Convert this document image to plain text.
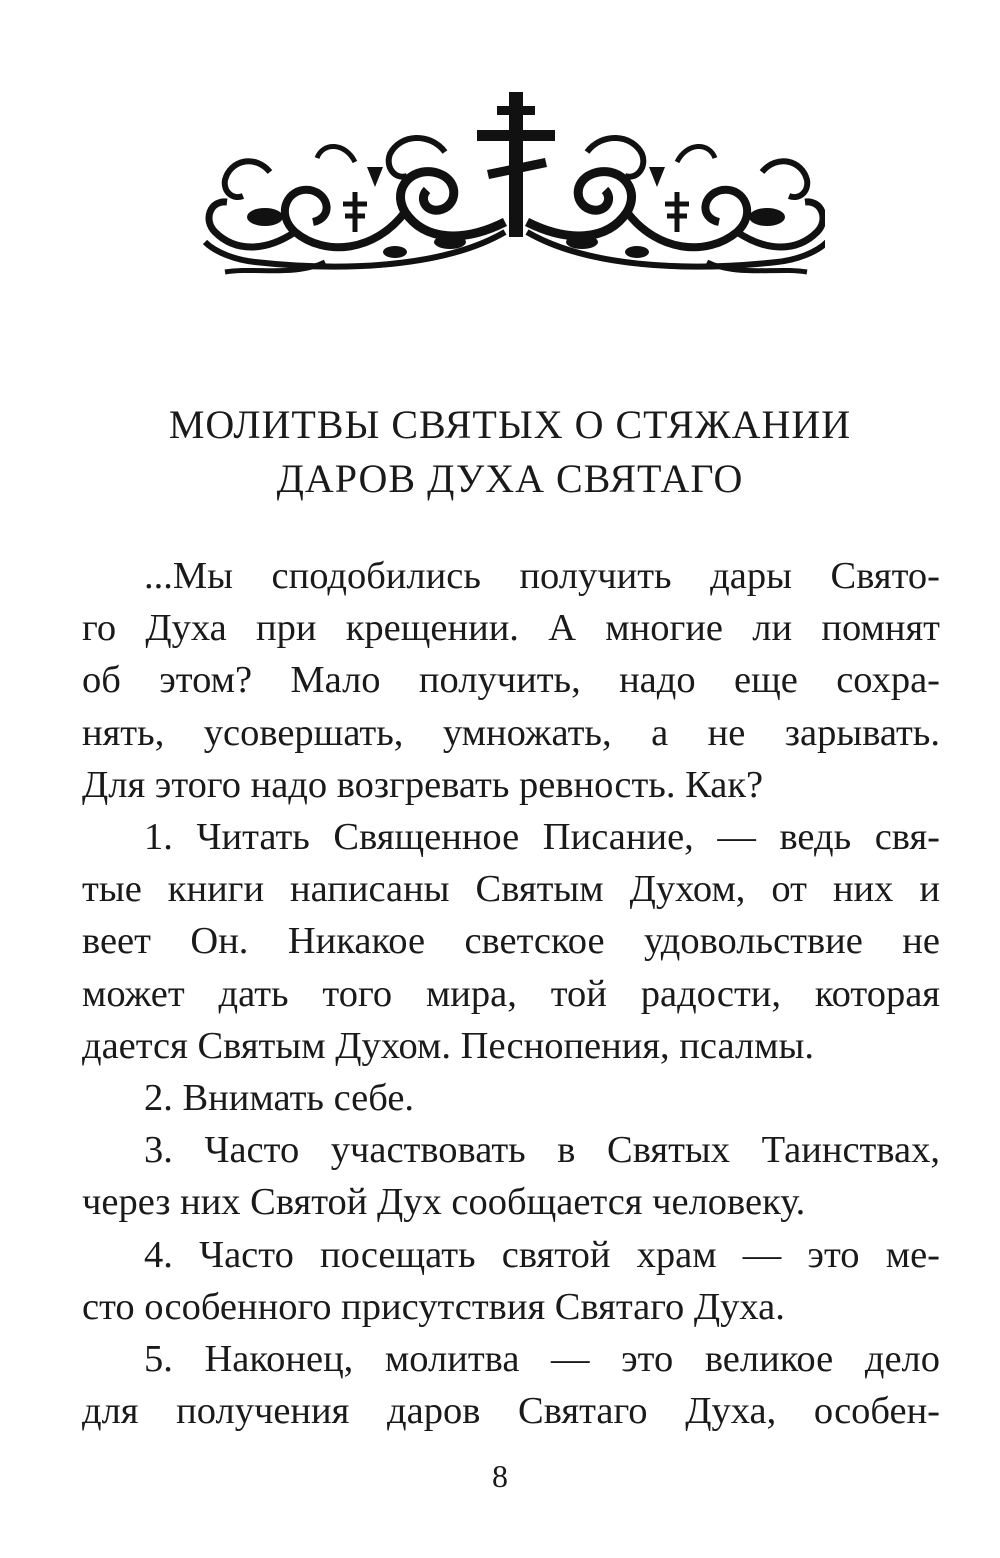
МОЛИТВЫ СВЯТЫХ О СТЯЖАНИИ
ДАРОВ ДУХА СВЯТАГО
...Мы сподобились получить дары Свято-
го Духа при крещении. А многие ли помнят
об этом? Мало получить, надо еще сохра-
нять, усовершать, умножать, а не зарывать.
Для этого надо возгревать ревность. Как?
1. Читать Священное Писание, — ведь свя-
тые книги написаны Святым Духом, от них и
веет Он. Никакое светское удовольствие не
может дать того мира, той радости, которая
дается Святым Духом. Песнопения, псалмы.
2. Внимать себе.
3. Часто участвовать в Святых Таинствах,
через них Святой Дух сообщается человеку.
4. Часто посещать святой храм — это ме-
сто особенного присутствия Святаго Духа.
5. Наконец, молитва — это великое дело
для получения даров Святаго Духа, особен-
8
